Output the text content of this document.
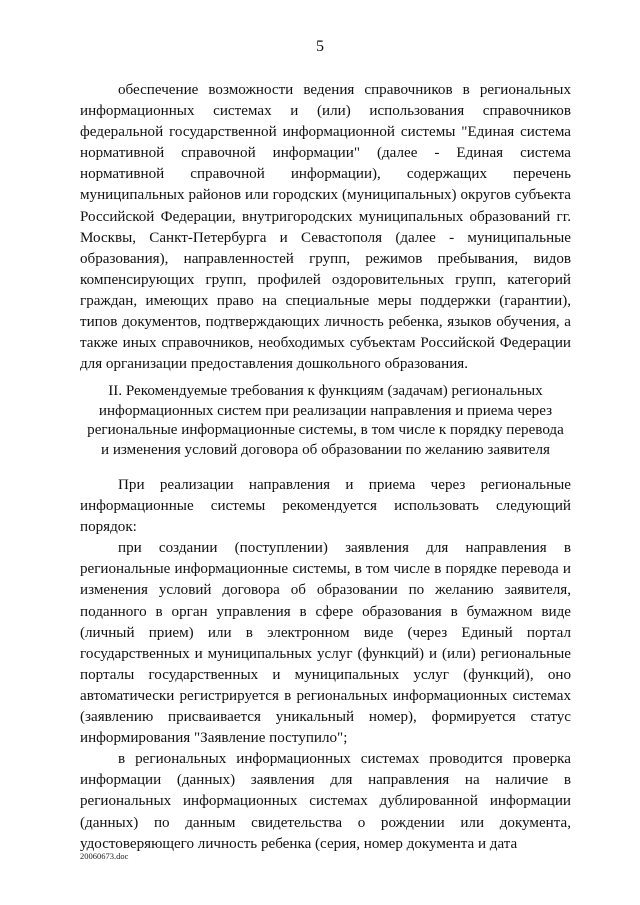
5

обеспечение возможности ведения справочников в региональных информационных системах и (или) использования справочников федеральной государственной информационной системы "Единая система нормативной справочной информации" (далее - Единая система нормативной справочной информации), содержащих перечень муниципальных районов или городских (муниципальных) округов субъекта Российской Федерации, внутригородских муниципальных образований гг. Москвы, Санкт-Петербурга и Севастополя (далее - муниципальные образования), направленностей групп, режимов пребывания, видов компенсирующих групп, профилей оздоровительных групп, категорий граждан, имеющих право на специальные меры поддержки (гарантии), типов документов, подтверждающих личность ребенка, языков обучения, а также иных справочников, необходимых субъектам Российской Федерации для организации предоставления дошкольного образования.

II. Рекомендуемые требования к функциям (задачам) региональных
информационных систем при реализации направления и приема через
региональные информационные системы, в том числе к порядку перевода
и изменения условий договора об образовании по желанию заявителя

При реализации направления и приема через региональные информационные системы рекомендуется использовать следующий порядок:

при создании (поступлении) заявления для направления в региональные информационные системы, в том числе в порядке перевода и изменения условий договора об образовании по желанию заявителя, поданного в орган управления в сфере образования в бумажном виде (личный прием) или в электронном виде (через Единый портал государственных и муниципальных услуг (функций) и (или) региональные порталы государственных и муниципальных услуг (функций), оно автоматически регистрируется в региональных информационных системах (заявлению присваивается уникальный номер), формируется статус информирования "Заявление поступило";

в региональных информационных системах проводится проверка информации (данных) заявления для направления на наличие в региональных информационных системах дублированной информации (данных) по данным свидетельства о рождении или документа, удостоверяющего личность ребенка (серия, номер документа и дата

20060673.doc
